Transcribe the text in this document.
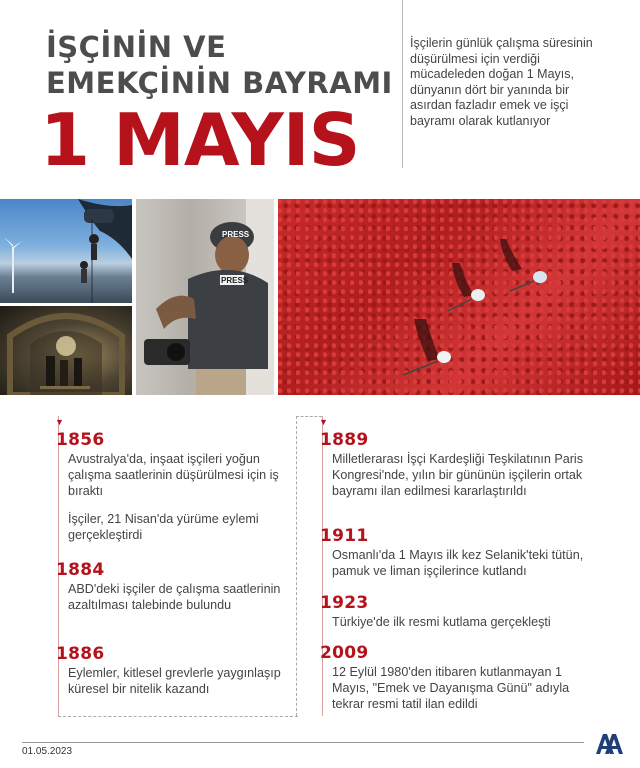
İŞÇİNİN VE
EMEKÇİNİN BAYRAMI
1 MAYIS
İşçilerin günlük çalışma süresinin düşürülmesi için verdiği mücadeleden doğan 1 Mayıs, dünyanın dört bir yanında bir asırdan fazladır emek ve işçi bayramı olarak kutlanıyor
PRESS
PRESS
▼	▼
1856
Avustralya'da, inşaat işçileri yoğun çalışma saatlerinin düşürülmesi için iş bıraktı
İşçiler, 21 Nisan'da yürüme eylemi gerçekleştirdi
1884
ABD'deki işçiler de çalışma saatlerinin azaltılması talebinde bulundu
1886
Eylemler, kitlesel grevlerle yaygınlaşıp küresel bir nitelik kazandı
1889
Milletlerarası İşçi Kardeşliği Teşkilatının Paris Kongresi'nde, yılın bir gününün işçilerin ortak bayramı ilan edilmesi kararlaştırıldı
1911
Osmanlı'da 1 Mayıs ilk kez Selanik'teki tütün, pamuk ve liman işçilerince kutlandı
1923
Türkiye'de ilk resmi kutlama gerçekleşti
2009
12 Eylül 1980'den itibaren kutlanmayan 1 Mayıs, "Emek ve Dayanışma Günü" adıyla tekrar resmi tatil ilan edildi
01.05.2023
